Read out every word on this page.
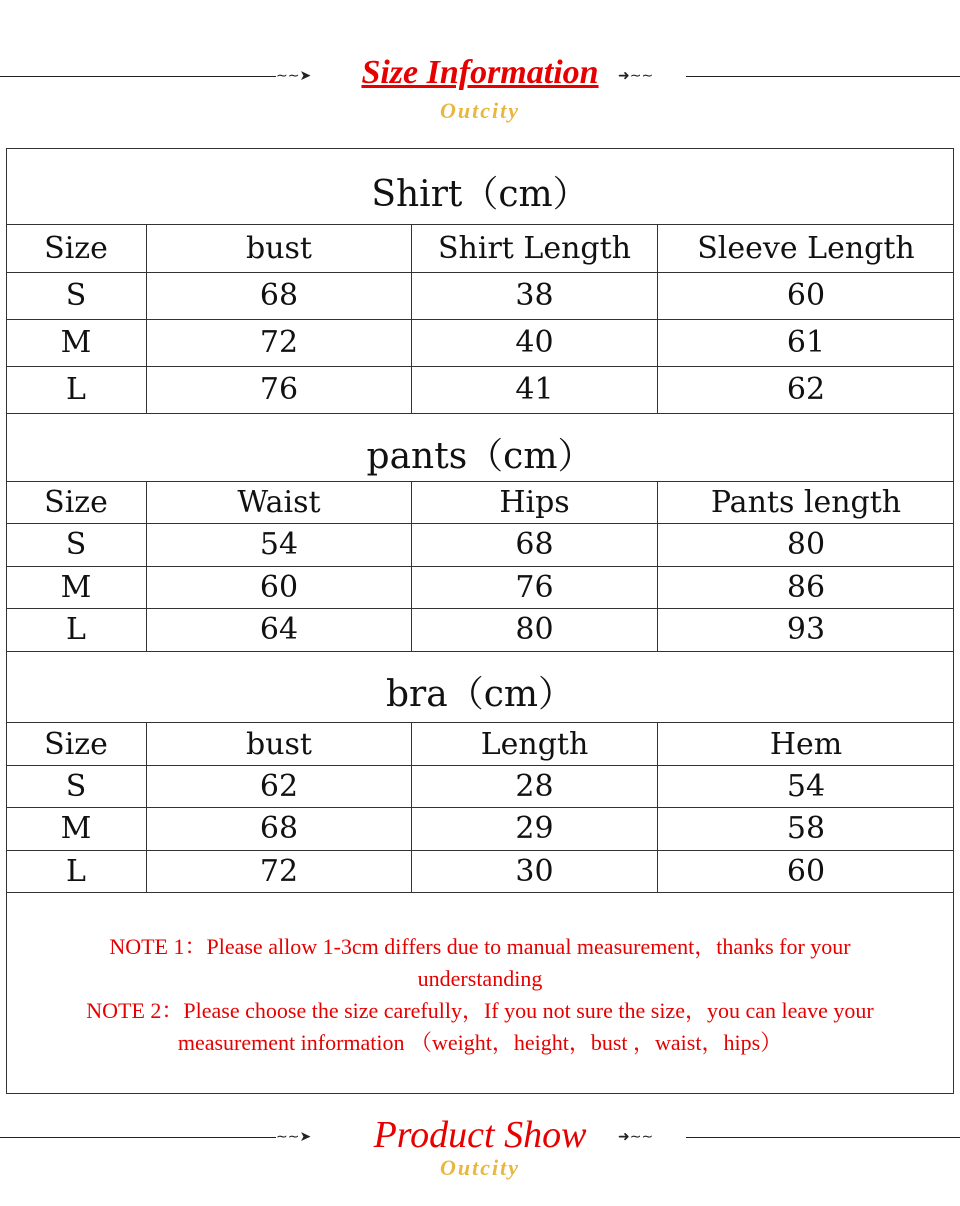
∼∼➤	➜∼∼
Size Information
Outcity
Shirt（cm）
Size	bust	Shirt Length	Sleeve Length
S	68	38	60
M	72	40	61
L	76	41	62
pants（cm）
Size	Waist	Hips	Pants length
S	54	68	80
M	60	76	86
L	64	80	93
bra（cm）
Size	bust	Length	Hem
S	62	28	54
M	68	29	58
L	72	30	60

NOTE 1：Please allow 1-3cm differs due to manual measurement，thanks for your understanding

NOTE 2：Please choose the size carefully，If you not sure the size，you can leave your measurement information （weight，height，bust ，waist，hips）

∼∼➤	➜∼∼
Product Show
Outcity
